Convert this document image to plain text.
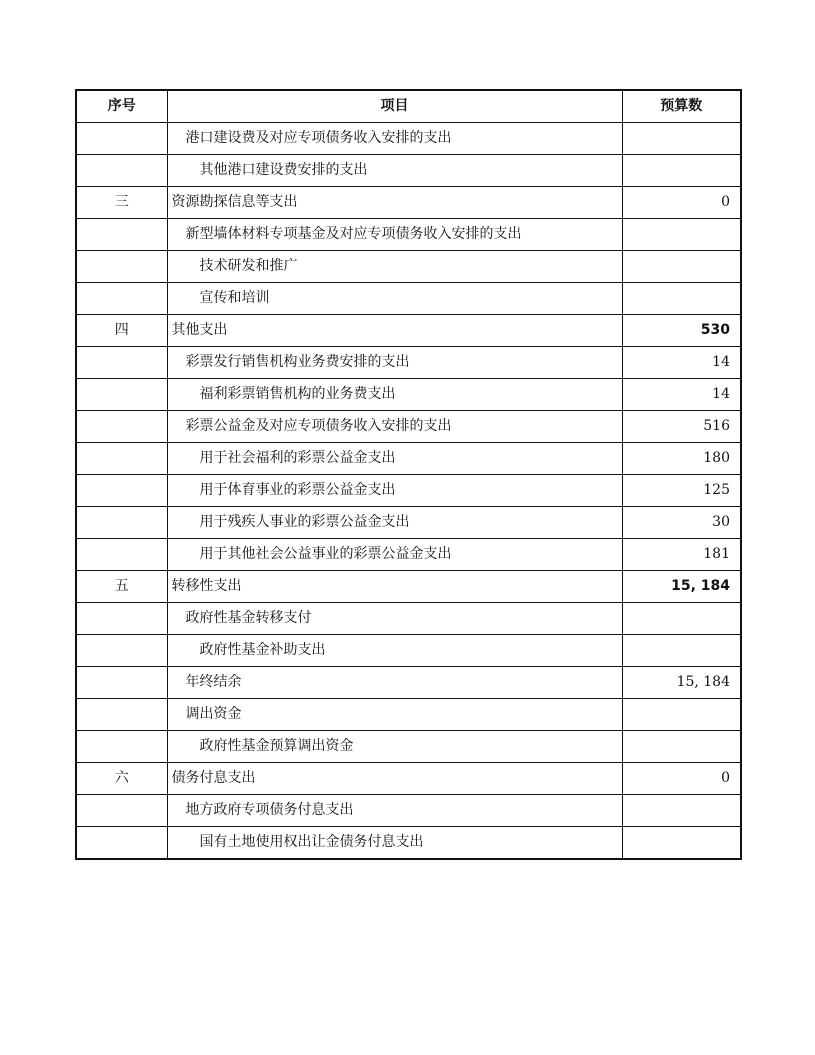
序号	项目	预算数
	港口建设费及对应专项债务收入安排的支出	
	其他港口建设费安排的支出	
三	资源勘探信息等支出	0
	新型墙体材料专项基金及对应专项债务收入安排的支出	
	技术研发和推广	
	宣传和培训	
四	其他支出	530
	彩票发行销售机构业务费安排的支出	14
	福利彩票销售机构的业务费支出	14
	彩票公益金及对应专项债务收入安排的支出	516
	用于社会福利的彩票公益金支出	180
	用于体育事业的彩票公益金支出	125
	用于残疾人事业的彩票公益金支出	30
	用于其他社会公益事业的彩票公益金支出	181
五	转移性支出	15, 184
	政府性基金转移支付	
	政府性基金补助支出	
	年终结余	15, 184
	调出资金	
	政府性基金预算调出资金	
六	债务付息支出	0
	地方政府专项债务付息支出	
	国有土地使用权出让金债务付息支出	
